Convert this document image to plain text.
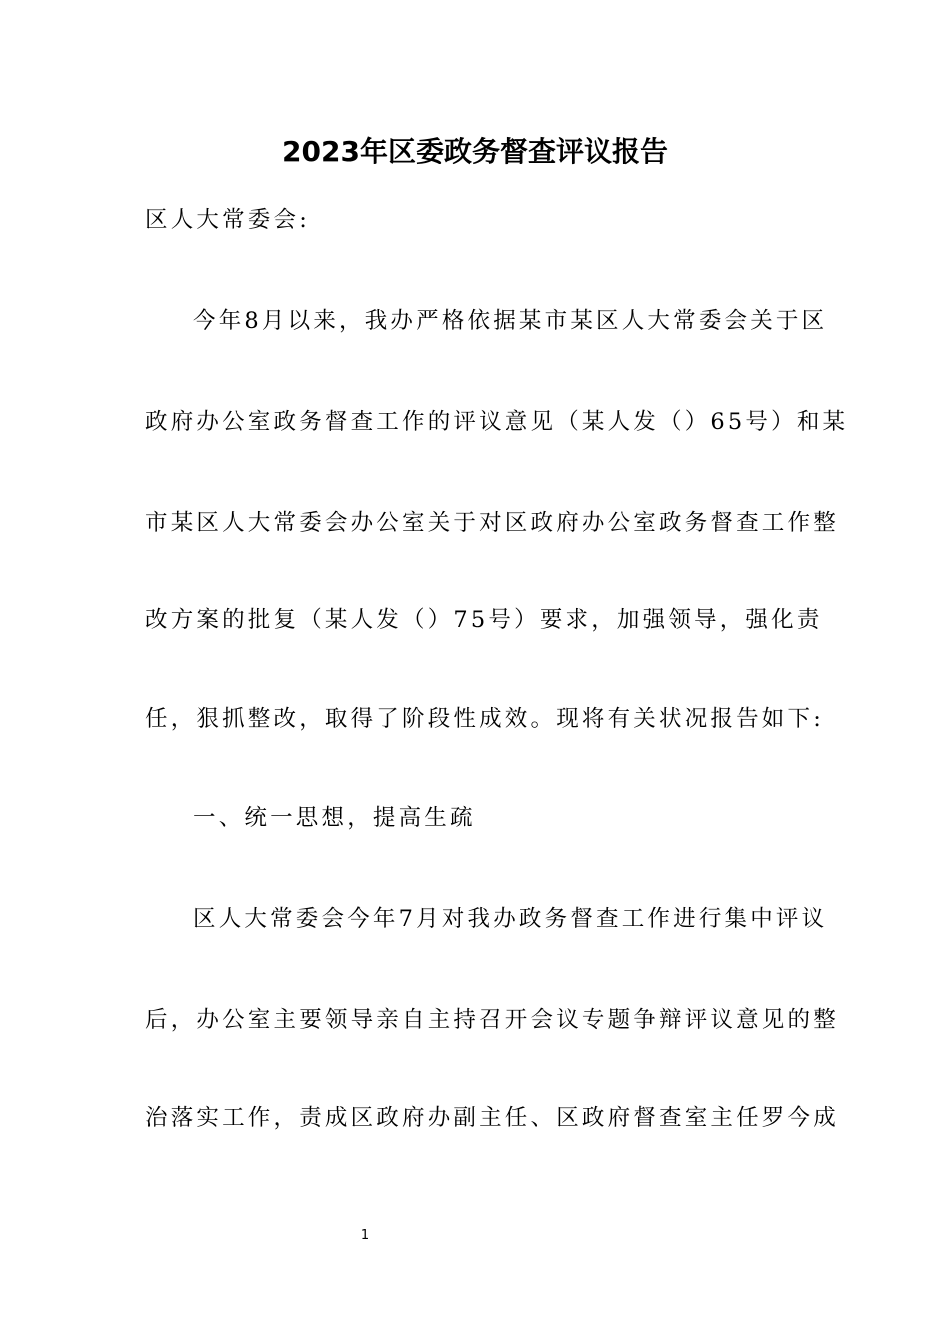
2023年区委政务督查评议报告

区人大常委会:

今年8月以来，我办严格依据某市某区人大常委会关于区

政府办公室政务督查工作的评议意见（某人发（）65号）和某

市某区人大常委会办公室关于对区政府办公室政务督查工作整

改方案的批复（某人发（）75号）要求，加强领导，强化责

任，狠抓整改，取得了阶段性成效。现将有关状况报告如下:

一、统一思想，提高生疏

区人大常委会今年7月对我办政务督查工作进行集中评议

后，办公室主要领导亲自主持召开会议专题争辩评议意见的整

治落实工作，责成区政府办副主任、区政府督查室主任罗今成

1
